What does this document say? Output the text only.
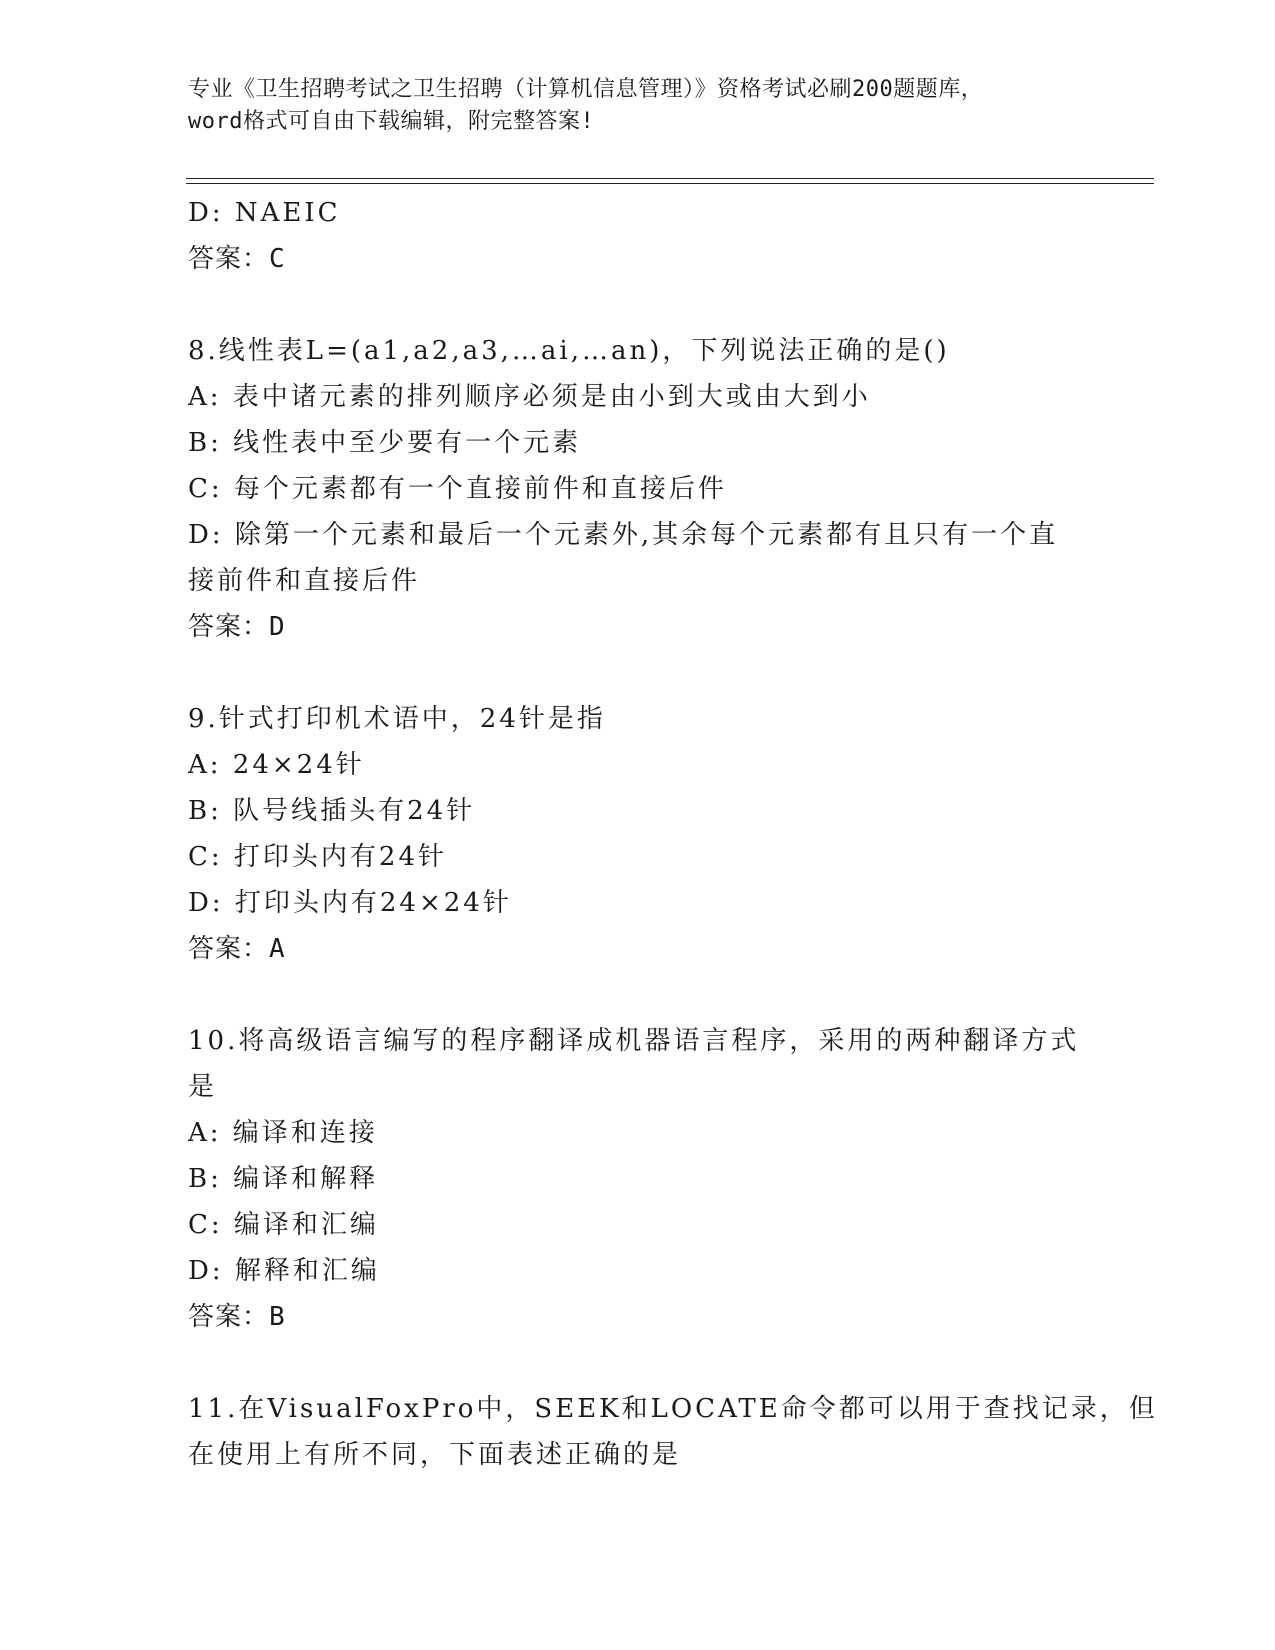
专业《卫生招聘考试之卫生招聘（计算机信息管理）》资格考试必刷200题题库，
word格式可自由下载编辑，附完整答案!
D: NAEIC
答案：C
8.线性表L=(a1,a2,a3,…ai,…an)，下列说法正确的是()
A: 表中诸元素的排列顺序必须是由小到大或由大到小
B: 线性表中至少要有一个元素
C: 每个元素都有一个直接前件和直接后件
D: 除第一个元素和最后一个元素外,其余每个元素都有且只有一个直
接前件和直接后件
答案：D
9.针式打印机术语中，24针是指
A: 24×24针
B: 队号线插头有24针
C: 打印头内有24针
D: 打印头内有24×24针
答案：A
10.将高级语言编写的程序翻译成机器语言程序，采用的两种翻译方式
是
A: 编译和连接
B: 编译和解释
C: 编译和汇编
D: 解释和汇编
答案：B
11.在VisualFoxPro中，SEEK和LOCATE命令都可以用于查找记录，但
在使用上有所不同，下面表述正确的是
